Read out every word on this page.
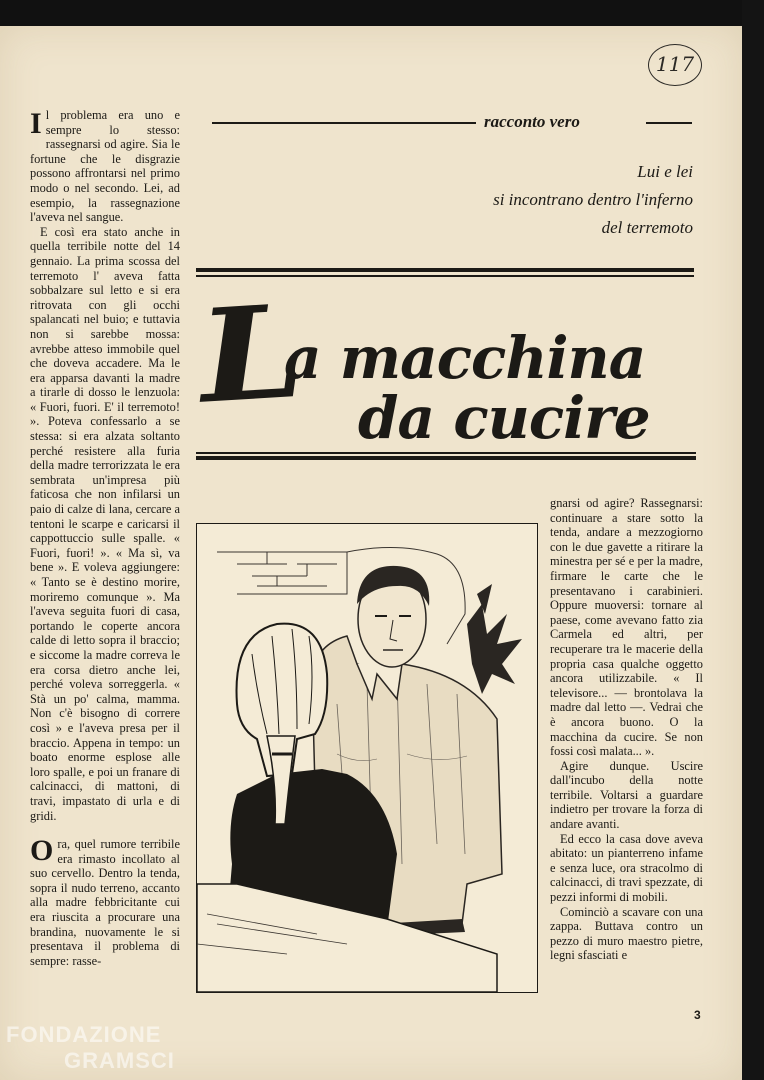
117

Il problema era uno e sempre lo stesso: rassegnarsi od agire. Sia le fortune che le disgrazie possono affrontarsi nel primo modo o nel secondo. Lei, ad esempio, la rassegnazione l'aveva nel sangue.

E così era stato anche in quella terribile notte del 14 gennaio. La prima scossa del terremoto l' aveva fatta sobbalzare sul letto e si era ritrovata con gli occhi spalancati nel buio; e tuttavia non si sarebbe mossa: avrebbe atteso immobile quel che doveva accadere. Ma le era apparsa davanti la madre a tirarle di dosso le lenzuola: « Fuori, fuori. E' il terremoto! ». Poteva confessarlo a se stessa: si era alzata soltanto perché resistere alla furia della madre terrorizzata le era sembrata un'impresa più faticosa che non infilarsi un paio di calze di lana, cercare a tentoni le scarpe e caricarsi il cappottuccio sulle spalle. « Fuori, fuori! ». « Ma sì, va bene ». E voleva aggiungere: « Tanto se è destino morire, moriremo comunque ». Ma l'aveva seguita fuori di casa, portando le coperte ancora calde di letto sopra il braccio; e siccome la madre correva le era corsa dietro anche lei, perché voleva sorreggerla. « Stà un po' calma, mamma. Non c'è bisogno di correre così » e l'aveva presa per il braccio. Appena in tempo: un boato enorme esplose alle loro spalle, e poi un franare di calcinacci, di mattoni, di travi, impastato di urla e di gridi.

Ora, quel rumore terribile era rimasto incollato al suo cervello. Dentro la tenda, sopra il nudo terreno, accanto alla madre febbricitante cui era riuscita a procurare una brandina, nuovamente le si presentava il problema di sempre: rasse-

racconto vero
Lui e lei
si incontrano dentro l'inferno
del terremoto
L
a macchina
da cucire

gnarsi od agire? Rassegnarsi: continuare a stare sotto la tenda, andare a mezzogiorno con le due gavette a ritirare la minestra per sé e per la madre, firmare le carte che le presentavano i carabinieri. Oppure muoversi: tornare al paese, come avevano fatto zia Carmela ed altri, per recuperare tra le macerie della propria casa qualche oggetto ancora utilizzabile. « Il televisore... — brontolava la madre dal letto —. Vedrai che è ancora buono. O la macchina da cucire. Se non fossi così malata... ».

Agire dunque. Uscire dall'incubo della notte terribile. Voltarsi a guardare indietro per trovare la forza di andare avanti.

Ed ecco la casa dove aveva abitato: un pianterreno infame e senza luce, ora stracolmo di calcinacci, di travi spezzate, di pezzi informi di mobili.

Cominciò a scavare con una zappa. Buttava contro un pezzo di muro maestro pietre, legni sfasciati e

3
FONDAZIONE
GRAMSCI
